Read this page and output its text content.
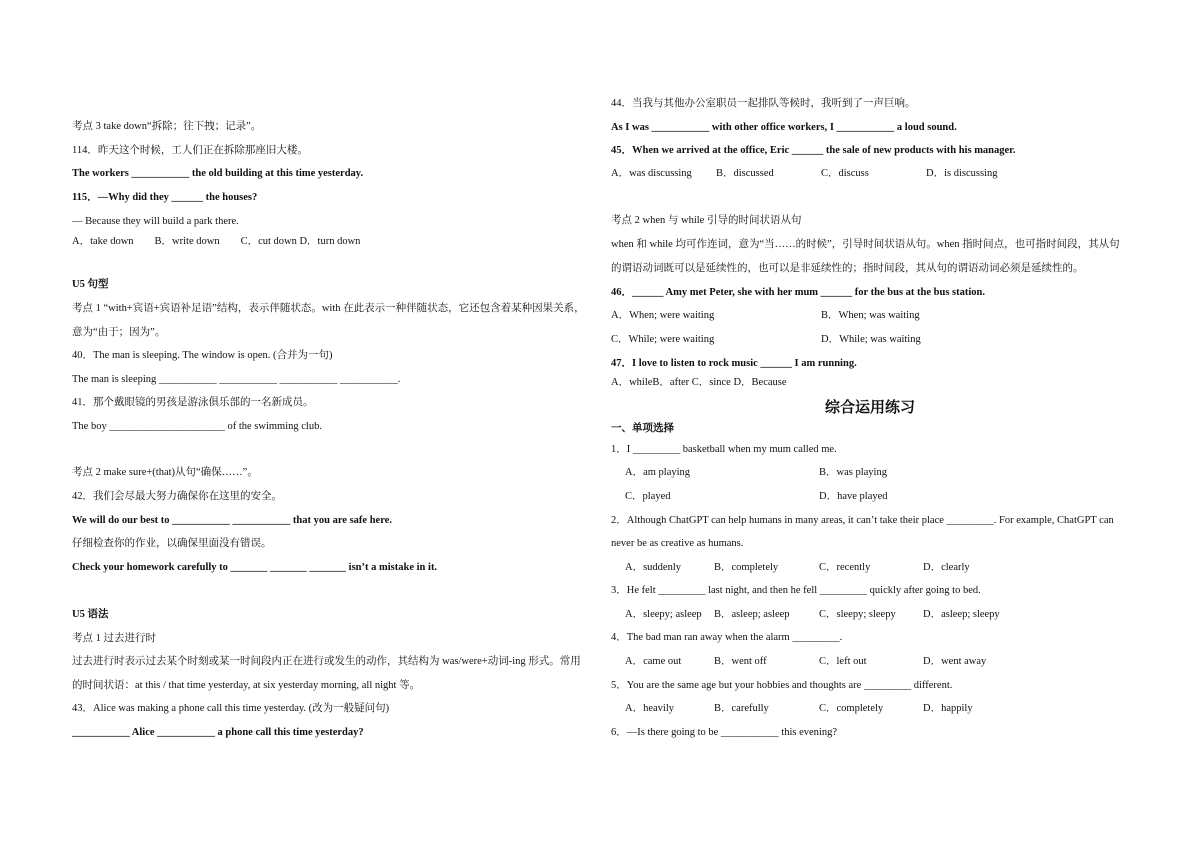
考点 3 take down“拆除；往下拽；记录”。
114．昨天这个时候，工人们正在拆除那座旧大楼。
The workers ___________ the old building at this time yesterday.
115．—Why did they ______ the houses?
— Because they will build a park there.
A．take down　　B．write down　　C．cut down D．turn down
U5 句型
考点 1 “with+宾语+宾语补足语”结构，表示伴随状态。with 在此表示一种伴随状态，它还包含着某种因果关系，
意为“由于；因为”。
40．The man is sleeping. The window is open. (合并为一句)
The man is sleeping ___________ ___________ ___________ ___________.
41．那个戴眼镜的男孩是游泳俱乐部的一名新成员。
The boy ______________________ of the swimming club.
考点 2 make sure+(that)从句“确保……”。
42．我们会尽最大努力确保你在这里的安全。
We will do our best to ___________ ___________ that you are safe here.
仔细检查你的作业，以确保里面没有错误。
Check your homework carefully to _______ _______ _______ isn’t a mistake in it.
U5 语法
考点 1 过去进行时
过去进行时表示过去某个时刻或某一时间段内正在进行或发生的动作，其结构为 was/were+动词-ing 形式。常用
的时间状语：at this / that time yesterday, at six yesterday morning, all night 等。
43．Alice was making a phone call this time yesterday. (改为一般疑问句)
___________ Alice ___________ a phone call this time yesterday?
综合运用练习
44．当我与其他办公室职员一起排队等候时，我听到了一声巨响。
As I was ___________ with other office workers, I ___________ a loud sound.
45．When we arrived at the office, Eric ______ the sale of new products with his manager.
考点 2 when 与 while 引导的时间状语从句
when 和 while 均可作连词，意为“当……的时候”，引导时间状语从句。when 指时间点，也可指时间段，其从句
的谓语动词既可以是延续性的，也可以是非延续性的；指时间段，其从句的谓语动词必须是延续性的。
46．______ Amy met Peter, she with her mum ______ for the bus at the bus station.
47．I love to listen to rock music ______ I am running.
A．whileB．after C．since D．Because
一、单项选择
1．I _________ basketball when my mum called me.
2．Although ChatGPT can help humans in many areas, it can’t take their place _________. For example, ChatGPT can
never be as creative as humans.
3．He felt _________ last night, and then he fell _________ quickly after going to bed.
4．The bad man ran away when the alarm _________.
5．You are the same age but your hobbies and thoughts are _________ different.
6．—Is there going to be ___________ this evening?
A．was discussing B．discussed	C．discuss	D．is discussing
A．When; were waiting	B．When; was waiting
C．While; were waiting	D．While; was waiting
A．am playing	B．was playing
C．played	D．have played
A．suddenly	B．completely	C．recently	D．clearly
A．sleepy; asleep B．asleep; asleep	C．sleepy; sleepy	D．asleep; sleepy
A．came out	B．went off	C．left out	D．went away
A．heavily	B．carefully	C．completely	D．happily
